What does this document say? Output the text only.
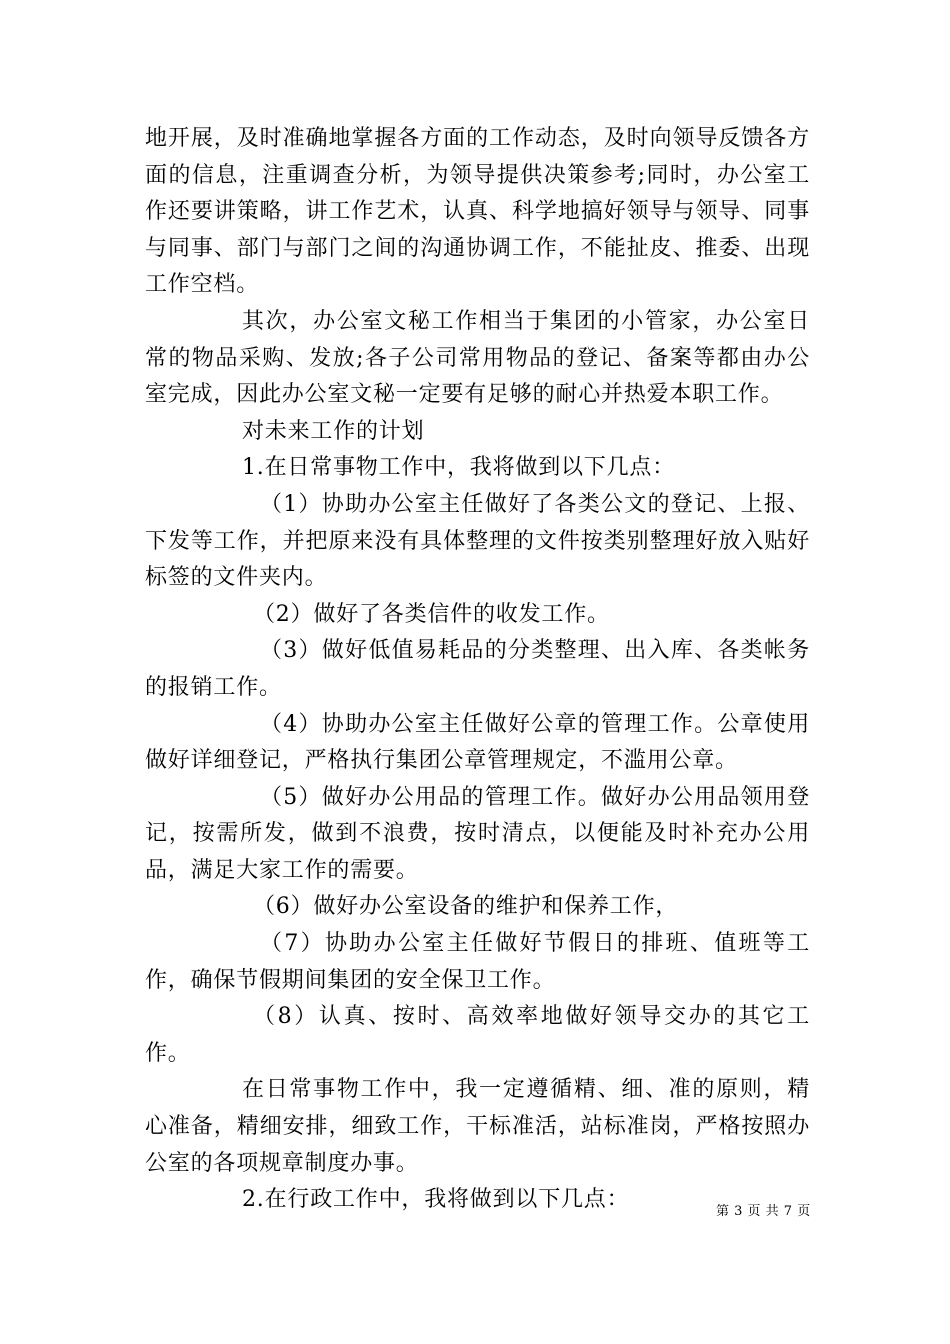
地开展，及时准确地掌握各方面的工作动态，及时向领导反馈各方面的信息，注重调查分析，为领导提供决策参考;同时，办公室工作还要讲策略，讲工作艺术，认真、科学地搞好领导与领导、同事与同事、部门与部门之间的沟通协调工作，不能扯皮、推委、出现工作空档。

其次，办公室文秘工作相当于集团的小管家，办公室日常的物品采购、发放;各子公司常用物品的登记、备案等都由办公室完成，因此办公室文秘一定要有足够的耐心并热爱本职工作。

对未来工作的计划

1.在日常事物工作中，我将做到以下几点：

（1）协助办公室主任做好了各类公文的登记、上报、下发等工作，并把原来没有具体整理的文件按类别整理好放入贴好标签的文件夹内。

（2）做好了各类信件的收发工作。

（3）做好低值易耗品的分类整理、出入库、各类帐务的报销工作。

（4）协助办公室主任做好公章的管理工作。公章使用做好详细登记，严格执行集团公章管理规定，不滥用公章。

（5）做好办公用品的管理工作。做好办公用品领用登记，按需所发，做到不浪费，按时清点，以便能及时补充办公用品，满足大家工作的需要。

（6）做好办公室设备的维护和保养工作，

（7）协助办公室主任做好节假日的排班、值班等工作，确保节假期间集团的安全保卫工作。

（8）认真、按时、高效率地做好领导交办的其它工作。

在日常事物工作中，我一定遵循精、细、准的原则，精心准备，精细安排，细致工作，干标准活，站标准岗，严格按照办公室的各项规章制度办事。

2.在行政工作中，我将做到以下几点：	第 3 页 共 7 页
